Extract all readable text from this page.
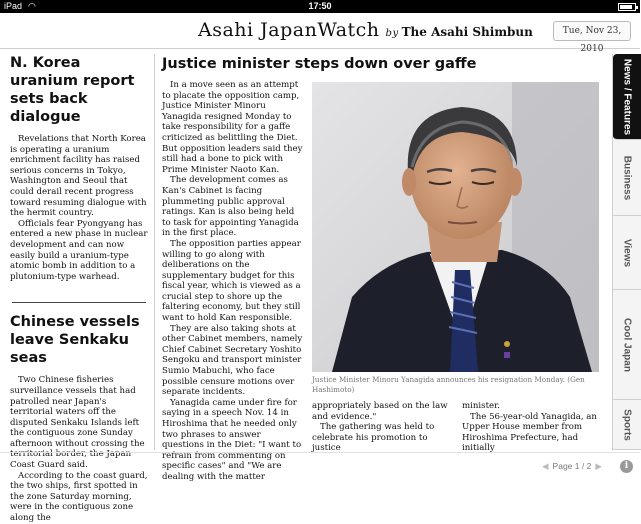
iPad ◠	17:50
Asahi JapanWatch by The Asahi Shimbun	Tue, Nov 23, 2010
N. Korea uranium report sets back dialogue

Revelations that North Korea is operating a uranium enrichment facility has raised serious concerns in Tokyo, Washington and Seoul that could derail recent progress toward resuming dialogue with the hermit country.

Officials fear Pyongyang has entered a new phase in nuclear development and can now easily build a uranium-type atomic bomb in addition to a plutonium-type warhead.

Chinese vessels leave Senkaku seas

Two Chinese fisheries surveillance vessels that had patrolled near Japan's territorial waters off the disputed Senkaku Islands left the contiguous zone Sunday afternoon without crossing the territorial border, the Japan Coast Guard said.

According to the coast guard, the two ships, first spotted in the zone Saturday morning, were in the contiguous zone along the

Justice minister steps down over gaffe

In a move seen as an attempt to placate the opposition camp, Justice Minister Minoru Yanagida resigned Monday to take responsibility for a gaffe criticized as belittling the Diet. But opposition leaders said they still had a bone to pick with Prime Minister Naoto Kan.

The development comes as Kan's Cabinet is facing plummeting public approval ratings. Kan is also being held to task for appointing Yanagida in the first place.

The opposition parties appear willing to go along with deliberations on the supplementary budget for this fiscal year, which is viewed as a crucial step to shore up the faltering economy, but they still want to hold Kan responsible.

They are also taking shots at other Cabinet members, namely Chief Cabinet Secretary Yoshito Sengoku and transport minister Sumio Mabuchi, who face possible censure motions over separate incidents.

Yanagida came under fire for saying in a speech Nov. 14 in Hiroshima that he needed only two phrases to answer questions in the Diet: "I want to refrain from commenting on specific cases" and "We are dealing with the matter

Justice Minister Minoru Yanagida announces his resignation Monday. (Gen Hashimoto)

appropriately based on the law and evidence."

The gathering was held to celebrate his promotion to justice

minister.

The 56-year-old Yanagida, an Upper House member from Hiroshima Prefecture, had initially

News / Features
Business
Views
Cool Japan
Sports
◀ Page 1 / 2 ▶	i
